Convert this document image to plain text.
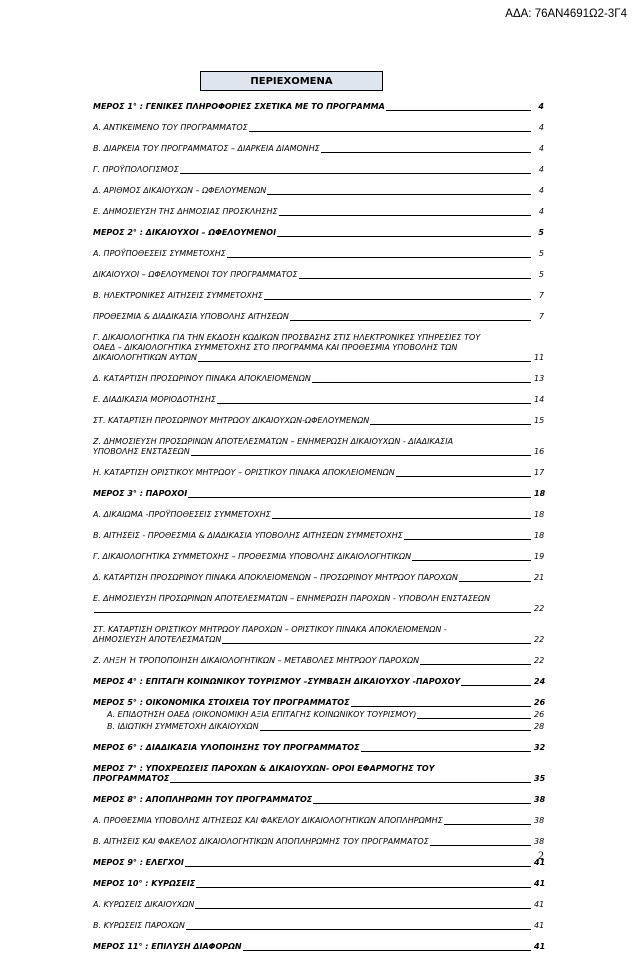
ΑΔΑ: 76ΑΝ4691Ω2-3Γ4
ΠΕΡΙΕΧΟΜΕΝΑ
ΜΕΡΟΣ 1° : ΓΕΝΙΚΕΣ ΠΛΗΡΟΦΟΡΙΕΣ ΣΧΕΤΙΚΑ ΜΕ ΤΟ ΠΡΟΓΡΑΜΜΑ	4
Α. ΑΝΤΙΚΕΙΜΕΝΟ ΤΟΥ ΠΡΟΓΡΑΜΜΑΤΟΣ	4
Β. ΔΙΑΡΚΕΙΑ ΤΟΥ ΠΡΟΓΡΑΜΜΑΤΟΣ – ΔΙΑΡΚΕΙΑ ΔΙΑΜΟΝΗΣ	4
Γ. ΠΡΟΫΠΟΛΟΓΙΣΜΟΣ	4
Δ. ΑΡΙΘΜΟΣ ΔΙΚΑΙΟΥΧΩΝ – ΩΦΕΛΟΥΜΕΝΩΝ	4
Ε. ΔΗΜΟΣΙΕΥΣΗ ΤΗΣ ΔΗΜΟΣΙΑΣ ΠΡΟΣΚΛΗΣΗΣ	4
ΜΕΡΟΣ 2° : ΔΙΚΑΙΟΥΧΟΙ – ΩΦΕΛΟΥΜΕΝΟΙ	5
Α. ΠΡΟΫΠΟΘΕΣΕΙΣ ΣΥΜΜΕΤΟΧΗΣ	5
ΔΙΚΑΙΟΥΧΟΙ – ΩΦΕΛΟΥΜΕΝΟΙ ΤΟΥ ΠΡΟΓΡΑΜΜΑΤΟΣ	5
Β. ΗΛΕΚΤΡΟΝΙΚΕΣ ΑΙΤΗΣΕΙΣ ΣΥΜΜΕΤΟΧΗΣ	7
ΠΡΟΘΕΣΜΙΑ & ΔΙΑΔΙΚΑΣΙΑ ΥΠΟΒΟΛΗΣ ΑΙΤΗΣΕΩΝ	7
Γ. ΔΙΚΑΙΟΛΟΓΗΤΙΚΑ ΓΙΑ ΤΗΝ ΕΚΔΟΣΗ ΚΩΔΙΚΩΝ ΠΡΟΣΒΑΣΗΣ ΣΤΙΣ ΗΛΕΚΤΡΟΝΙΚΕΣ ΥΠΗΡΕΣΙΕΣ ΤΟΥ
ΟΑΕΔ – ΔΙΚΑΙΟΛΟΓΗΤΙΚΑ ΣΥΜΜΕΤΟΧΗΣ ΣΤΟ ΠΡΟΓΡΑΜΜΑ ΚΑΙ ΠΡΟΘΕΣΜΙΑ ΥΠΟΒΟΛΗΣ ΤΩΝ
ΔΙΚΑΙΟΛΟΓΗΤΙΚΩΝ ΑΥΤΩΝ	11
Δ. ΚΑΤΑΡΤΙΣΗ ΠΡΟΣΩΡΙΝΟΥ ΠΙΝΑΚΑ ΑΠΟΚΛΕΙΟΜΕΝΩΝ	13
Ε. ΔΙΑΔΙΚΑΣΙΑ ΜΟΡΙΟΔΟΤΗΣΗΣ	14
ΣΤ. ΚΑΤΑΡΤΙΣΗ ΠΡΟΣΩΡΙΝΟΥ ΜΗΤΡΩΟΥ ΔΙΚΑΙΟΥΧΩΝ-ΩΦΕΛΟΥΜΕΝΩΝ	15
Ζ. ΔΗΜΟΣΙΕΥΣΗ ΠΡΟΣΩΡΙΝΩΝ ΑΠΟΤΕΛΕΣΜΑΤΩΝ – ΕΝΗΜΕΡΩΣΗ ΔΙΚΑΙΟΥΧΩΝ - ΔΙΑΔΙΚΑΣΙΑ
ΥΠΟΒΟΛΗΣ ΕΝΣΤΑΣΕΩΝ	16
Η. ΚΑΤΑΡΤΙΣΗ ΟΡΙΣΤΙΚΟΥ ΜΗΤΡΩΟΥ – ΟΡΙΣΤΙΚΟΥ ΠΙΝΑΚΑ ΑΠΟΚΛΕΙΟΜΕΝΩΝ	17
ΜΕΡΟΣ 3° : ΠΑΡΟΧΟΙ	18
Α. ΔΙΚΑΙΩΜΑ -ΠΡΟΫΠΟΘΕΣΕΙΣ ΣΥΜΜΕΤΟΧΗΣ	18
Β. ΑΙΤΗΣΕΙΣ - ΠΡΟΘΕΣΜΙΑ & ΔΙΑΔΙΚΑΣΙΑ ΥΠΟΒΟΛΗΣ ΑΙΤΗΣΕΩΝ ΣΥΜΜΕΤΟΧΗΣ	18
Γ. ΔΙΚΑΙΟΛΟΓΗΤΙΚΑ ΣΥΜΜΕΤΟΧΗΣ – ΠΡΟΘΕΣΜΙΑ ΥΠΟΒΟΛΗΣ ΔΙΚΑΙΟΛΟΓΗΤΙΚΩΝ	19
Δ. ΚΑΤΑΡΤΙΣΗ ΠΡΟΣΩΡΙΝΟΥ ΠΙΝΑΚΑ ΑΠΟΚΛΕΙΟΜΕΝΩΝ – ΠΡΟΣΩΡΙΝΟΥ ΜΗΤΡΩΟΥ ΠΑΡΟΧΩΝ	21
Ε. ΔΗΜΟΣΙΕΥΣΗ ΠΡΟΣΩΡΙΝΩΝ ΑΠΟΤΕΛΕΣΜΑΤΩΝ – ΕΝΗΜΕΡΩΣΗ ΠΑΡΟΧΩΝ - ΥΠΟΒΟΛΗ ΕΝΣΤΑΣΕΩΝ
22
ΣΤ. ΚΑΤΑΡΤΙΣΗ ΟΡΙΣΤΙΚΟΥ ΜΗΤΡΩΟΥ ΠΑΡΟΧΩΝ – ΟΡΙΣΤΙΚΟΥ ΠΙΝΑΚΑ ΑΠΟΚΛΕΙΟΜΕΝΩΝ -
ΔΗΜΟΣΙΕΥΣΗ ΑΠΟΤΕΛΕΣΜΑΤΩΝ	22
Ζ. ΛΗΞΗ Ή ΤΡΟΠΟΠΟΙΗΣΗ ΔΙΚΑΙΟΛΟΓΗΤΙΚΩΝ – ΜΕΤΑΒΟΛΕΣ ΜΗΤΡΩΟΥ ΠΑΡΟΧΩΝ	22
ΜΕΡΟΣ 4° : ΕΠΙΤΑΓΗ ΚΟΙΝΩΝΙΚΟΥ ΤΟΥΡΙΣΜΟΥ –ΣΥΜΒΑΣΗ ΔΙΚΑΙΟΥΧΟΥ -ΠΑΡΟΧΟΥ	24
ΜΕΡΟΣ 5° : ΟΙΚΟΝΟΜΙΚΑ ΣΤΟΙΧΕΙΑ ΤΟΥ ΠΡΟΓΡΑΜΜΑΤΟΣ	26
Α. ΕΠΙΔΟΤΗΣΗ ΟΑΕΔ (ΟΙΚΟΝΟΜΙΚΗ ΑΞΙΑ ΕΠΙΤΑΓΗΣ ΚΟΙΝΩΝΙΚΟΥ ΤΟΥΡΙΣΜΟΥ)	26
Β. ΙΔΙΩΤΙΚΗ ΣΥΜΜΕΤΟΧΗ ΔΙΚΑΙΟΥΧΩΝ	28
ΜΕΡΟΣ 6° : ΔΙΑΔΙΚΑΣΙΑ ΥΛΟΠΟΙΗΣΗΣ ΤΟΥ ΠΡΟΓΡΑΜΜΑΤΟΣ	32
ΜΕΡΟΣ 7° : ΥΠΟΧΡΕΩΣΕΙΣ ΠΑΡΟΧΩΝ & ΔΙΚΑΙΟΥΧΩΝ- ΟΡΟΙ ΕΦΑΡΜΟΓΗΣ ΤΟΥ
ΠΡΟΓΡΑΜΜΑΤΟΣ	35
ΜΕΡΟΣ 8° : ΑΠΟΠΛΗΡΩΜΗ ΤΟΥ ΠΡΟΓΡΑΜΜΑΤΟΣ	38
Α. ΠΡΟΘΕΣΜΙΑ ΥΠΟΒΟΛΗΣ ΑΙΤΗΣΕΩΣ ΚΑΙ ΦΑΚΕΛΟΥ ΔΙΚΑΙΟΛΟΓΗΤΙΚΩΝ ΑΠΟΠΛΗΡΩΜΗΣ	38
Β. ΑΙΤΗΣΕΙΣ ΚΑΙ ΦΑΚΕΛΟΣ ΔΙΚΑΙΟΛΟΓΗΤΙΚΩΝ ΑΠΟΠΛΗΡΩΜΗΣ ΤΟΥ ΠΡΟΓΡΑΜΜΑΤΟΣ	38
ΜΕΡΟΣ 9° : ΕΛΕΓΧΟΙ	41
ΜΕΡΟΣ 10° : ΚΥΡΩΣΕΙΣ	41
Α. ΚΥΡΩΣΕΙΣ ΔΙΚΑΙΟΥΧΩΝ	41
Β. ΚΥΡΩΣΕΙΣ ΠΑΡΟΧΩΝ	41
ΜΕΡΟΣ 11° : ΕΠΙΛΥΣΗ ΔΙΑΦΟΡΩΝ	41
2
